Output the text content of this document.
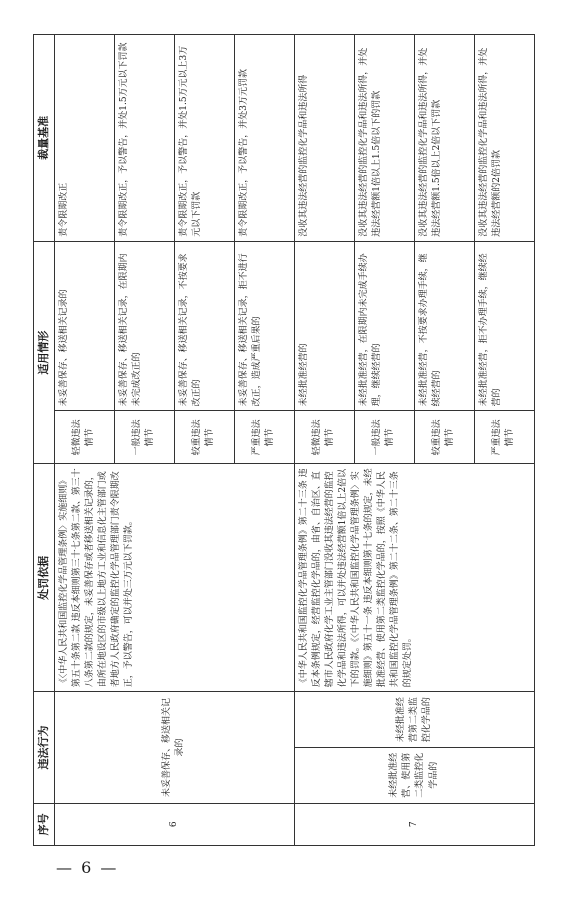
序号	违法行为		处罚依据	适用情形		裁量基准
6	未妥善保存、移送相关记录的		《〈中华人民共和国监控化学品管理条例〉实施细则》第五十条第二款 违反本细则第三十七条第二款、第三十八条第二款的规定，未妥善保存或者移送相关记录的，由所在地设区的市级以上地方工业和信息化主管部门或者地方人民政府确定的监控化学品管理部门责令限期改正，予以警告，可以并处三万元以下罚款。	轻微违法情节	未妥善保存、移送相关记录的	责令限期改正
				一般违法情节	未妥善保存、移送相关记录，在限期内未完成改正的	责令限期改正，予以警告，并处1.5万元以下罚款
				较重违法情节	未妥善保存、移送相关记录，不按要求改正的	责令限期改正，予以警告，并处1.5万元以上3万元以下罚款
				严重违法情节	未妥善保存、移送相关记录，拒不进行改正，造成严重后果的	责令限期改正，予以警告，并处3万元罚款
7	未经批准经营、使用第二类监控化学品的	未经批准经营第二类监控化学品的	《中华人民共和国监控化学品管理条例》第二十三条 违反本条例规定，经营监控化学品的，由省、自治区、直辖市人民政府化学工业主管部门没收其违法经营的监控化学品和违法所得，可以并处违法经营额1倍以上2倍以下的罚款。《〈中华人民共和国监控化学品管理条例〉实施细则》第五十一条 违反本细则第十七条的规定，未经批准经营、使用第二类监控化学品的，按照《中华人民共和国监控化学品管理条例》第二十二条、第二十三条的规定处罚。	轻微违法情节	未经批准经营的	没收其违法经营的监控化学品和违法所得
				一般违法情节	未经批准经营，在限期内未完成手续办理，继续经营的	没收其违法经营的监控化学品和违法所得，并处违法经营额1倍以上1.5倍以下的罚款
				较重违法情节	未经批准经营，不按要求办理手续，继续经营的	没收其违法经营的监控化学品和违法所得，并处违法经营额1.5倍以上2倍以下罚款
				严重违法情节	未经批准经营，拒不办理手续，继续经营的	没收其违法经营的监控化学品和违法所得，并处违法经营额的2倍罚款
— 6 —
